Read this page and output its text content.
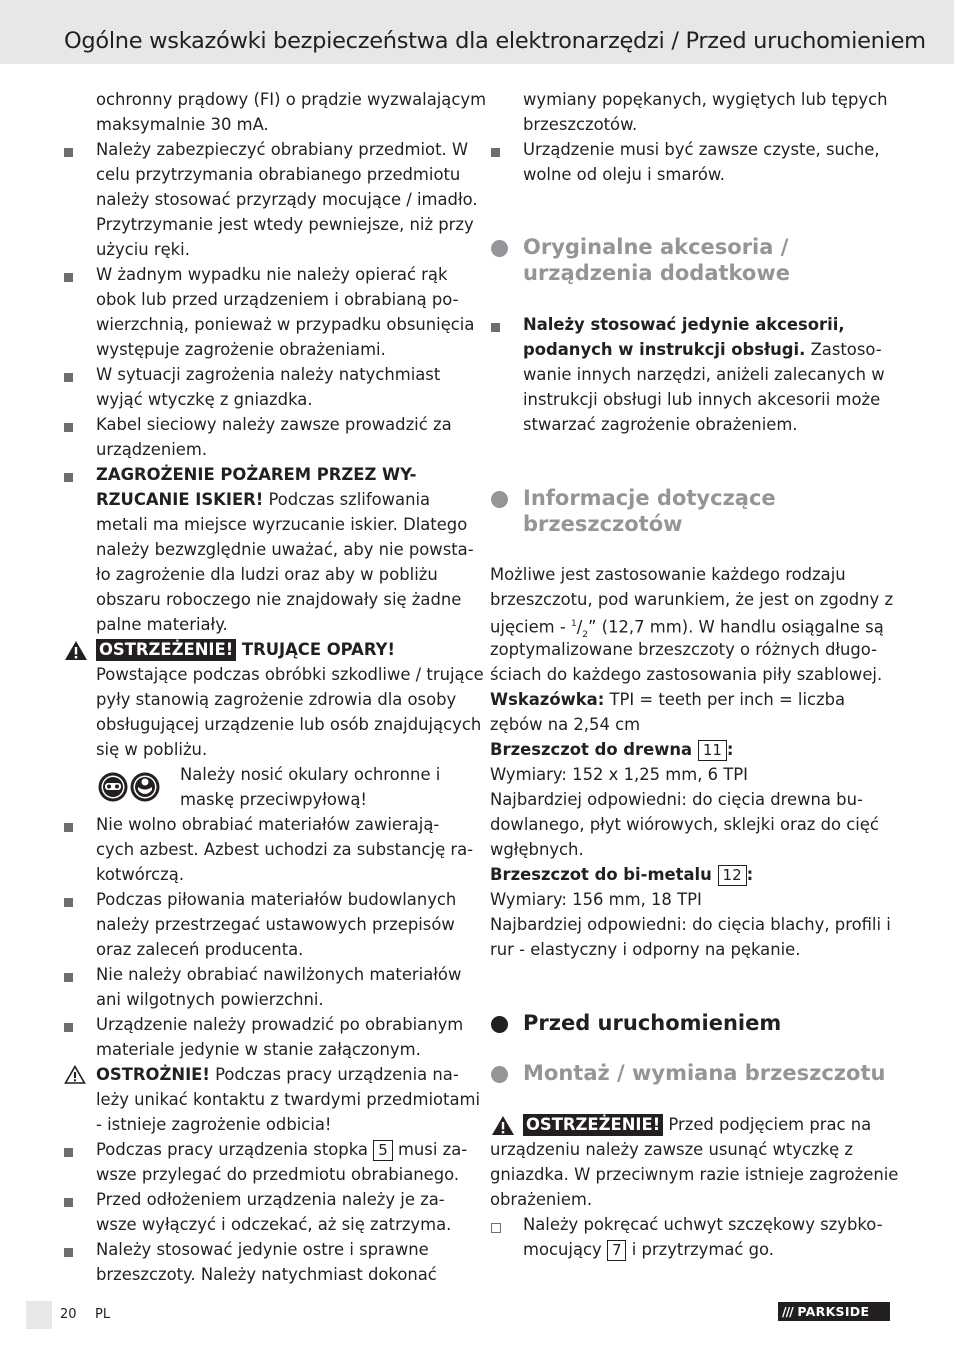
Ogólne wskazówki bezpieczeństwa dla elektronarzędzi / Przed uruchomieniem
ochronny prądowy (FI) o prądzie wyzwalającym
maksymalnie 30 mA.
Należy zabezpieczyć obrabiany przedmiot. W
celu przytrzymania obrabianego przedmiotu
należy stosować przyrządy mocujące / imadło.
Przytrzymanie jest wtedy pewniejsze, niż przy
użyciu ręki.
W żadnym wypadku nie należy opierać rąk
obok lub przed urządzeniem i obrabianą po-
wierzchnią, ponieważ w przypadku obsunięcia
występuje zagrożenie obrażeniami.
W sytuacji zagrożenia należy natychmiast
wyjąć wtyczkę z gniazdka.
Kabel sieciowy należy zawsze prowadzić za
urządzeniem.
ZAGROŻENIE POŻAREM PRZEZ WY-
RZUCANIE ISKIER! Podczas szlifowania
metali ma miejsce wyrzucanie iskier. Dlatego
należy bezwzględnie uważać, aby nie powsta-
ło zagrożenie dla ludzi oraz aby w pobliżu
obszaru roboczego nie znajdowały się żadne
palne materiały.
OSTRZEŻENIE! TRUJĄCE OPARY!
Powstające podczas obróbki szkodliwe / trujące
pyły stanowią zagrożenie zdrowia dla osoby
obsługującej urządzenie lub osób znajdujących
się w pobliżu.
Należy nosić okulary ochronne i
maskę przeciwpyłową!
Nie wolno obrabiać materiałów zawierają-
cych azbest. Azbest uchodzi za substancję ra-
kotwórczą.
Podczas piłowania materiałów budowlanych
należy przestrzegać ustawowych przepisów
oraz zaleceń producenta.
Nie należy obrabiać nawilżonych materiałów
ani wilgotnych powierzchni.
Urządzenie należy prowadzić po obrabianym
materiale jedynie w stanie załączonym.
OSTROŻNIE! Podczas pracy urządzenia na-
leży unikać kontaktu z twardymi przedmiotami
- istnieje zagrożenie odbicia!
Podczas pracy urządzenia stopka 5 musi za-
wsze przylegać do przedmiotu obrabianego.
Przed odłożeniem urządzenia należy je za-
wsze wyłączyć i odczekać, aż się zatrzyma.
Należy stosować jedynie ostre i sprawne
brzeszczoty. Należy natychmiast dokonać
wymiany popękanych, wygiętych lub tępych
brzeszczotów.
Urządzenie musi być zawsze czyste, suche,
wolne od oleju i smarów.
Oryginalne akcesoria /
urządzenia dodatkowe
Należy stosować jedynie akcesorii,
podanych w instrukcji obsługi. Zastoso-
wanie innych narzędzi, aniżeli zalecanych w
instrukcji obsługi lub innych akcesorii może
stwarzać zagrożenie obrażeniem.
Informacje dotyczące
brzeszczotów
Możliwe jest zastosowanie każdego rodzaju
brzeszczotu, pod warunkiem, że jest on zgodny z
ujęciem - $^1/_2$” (12,7 mm). W handlu osiągalne są
zoptymalizowane brzeszczoty o różnych długo-
ściach do każdego zastosowania piły szablowej.
Wskazówka: TPI = teeth per inch = liczba
zębów na 2,54 cm
Brzeszczot do drewna 11 :
Wymiary: 152 x 1,25 mm, 6 TPI
Najbardziej odpowiedni: do cięcia drewna bu-
dowlanego, płyt wiórowych, sklejki oraz do cięć
wgłębnych.
Brzeszczot do bi-metalu 12 :
Wymiary: 156 mm, 18 TPI
Najbardziej odpowiedni: do cięcia blachy, profili i
rur - elastyczny i odporny na pękanie.
Przed uruchomieniem
Montaż / wymiana brzeszczotu
OSTRZEŻENIE! Przed podjęciem prac na
urządzeniu należy zawsze usunąć wtyczkę z
gniazdka. W przeciwnym razie istnieje zagrożenie
obrażeniem.
Należy pokręcać uchwyt szczękowy szybko-
mocujący 7 i przytrzymać go.
20 PL	/// PARKSIDE
